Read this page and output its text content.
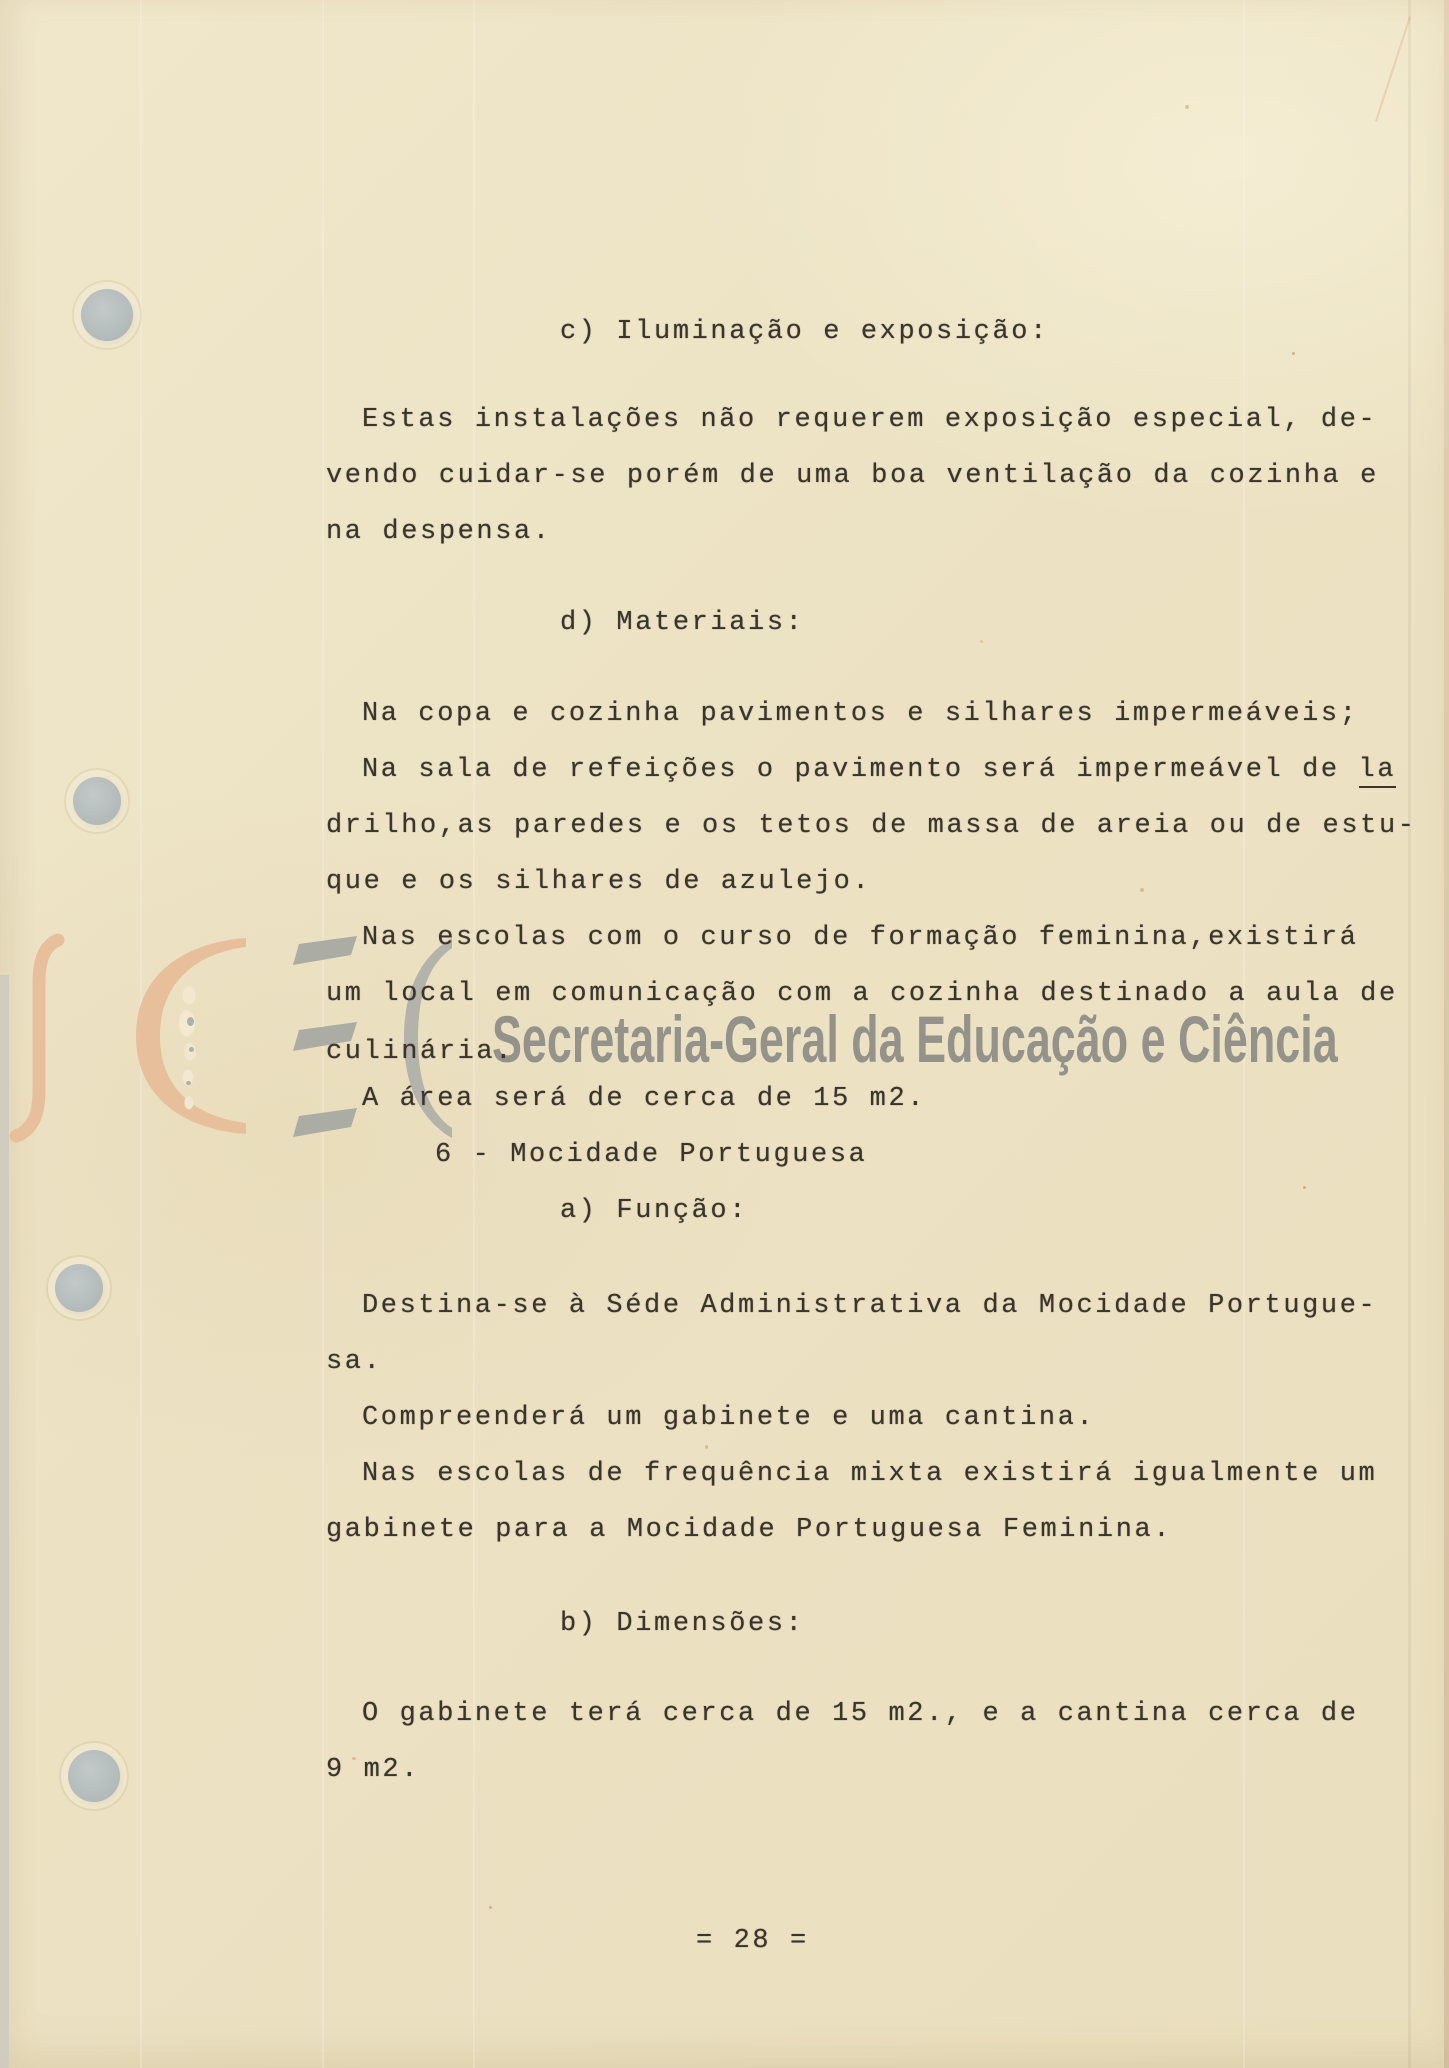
Secretaria-Geral da Educação e Ciência
c) Iluminação e exposição:
Estas instalações não requerem exposição especial, de-
vendo cuidar-se porém de uma boa ventilação da cozinha e
na despensa.
d) Materiais:
Na copa e cozinha pavimentos e silhares impermeáveis;
Na sala de refeições o pavimento será impermeável de la
drilho,as paredes e os tetos de massa de areia ou de estu-
que e os silhares de azulejo.
Nas escolas com o curso de formação feminina,existirá
um local em comunicação com a cozinha destinado a aula de
culinária.
A área será de cerca de 15 m2.
6 - Mocidade Portuguesa
a) Função:
Destina-se à Séde Administrativa da Mocidade Portugue-
sa.
Compreenderá um gabinete e uma cantina.
Nas escolas de frequência mixta existirá igualmente um
gabinete para a Mocidade Portuguesa Feminina.
b) Dimensões:
O gabinete terá cerca de 15 m2., e a cantina cerca de
9 m2.
= 28 =
